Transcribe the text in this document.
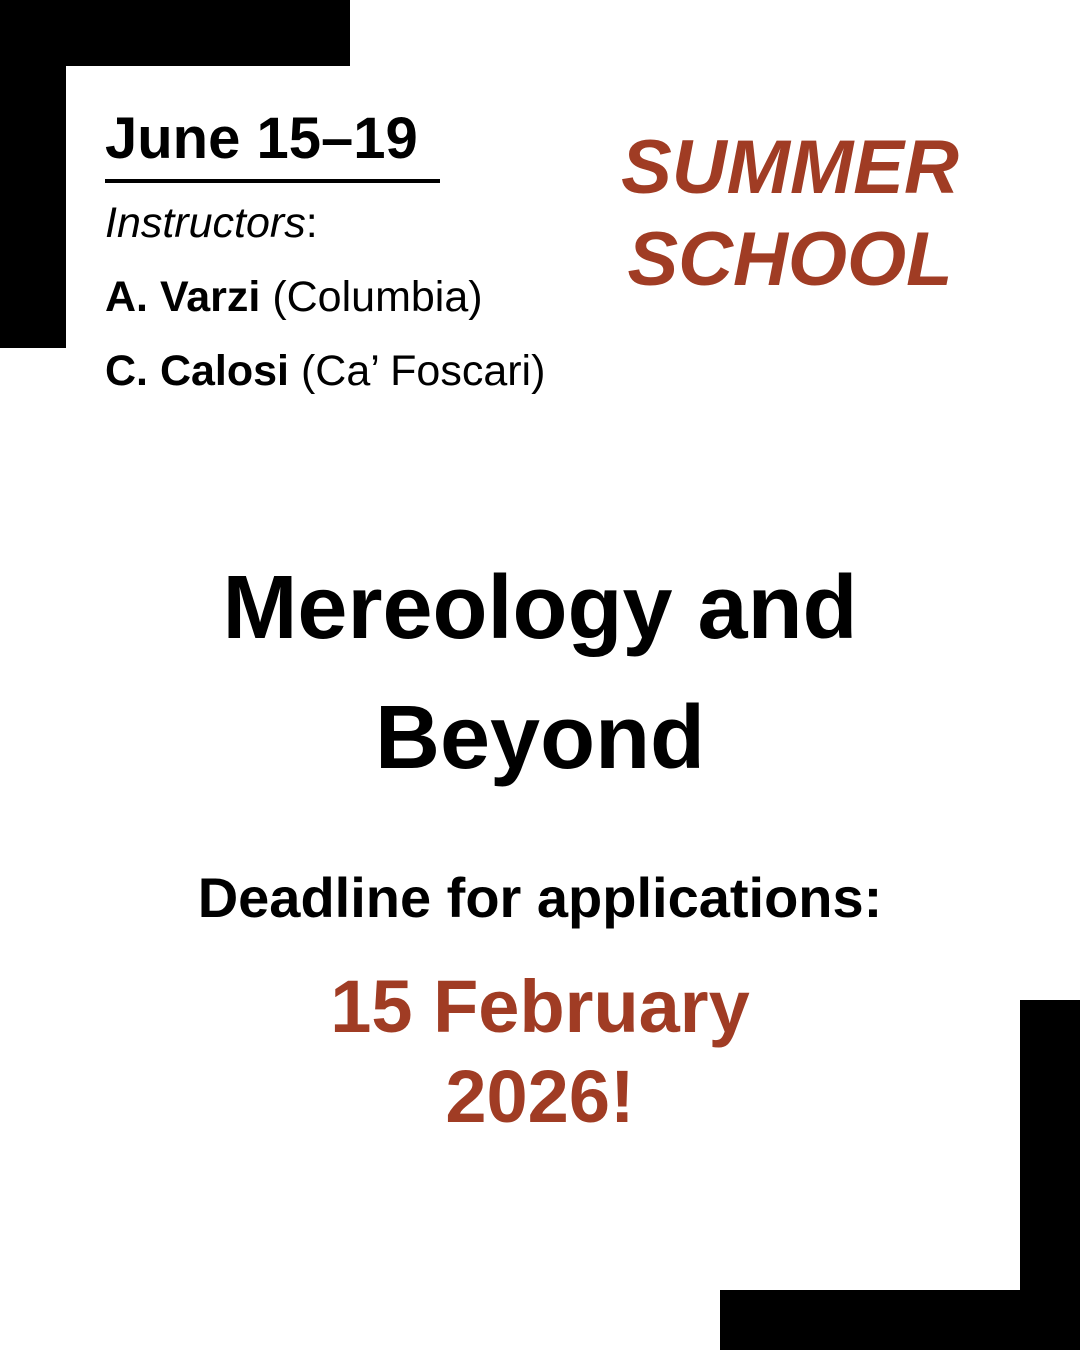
June 15–19
Instructors:
A. Varzi (Columbia)
C. Calosi (Ca’ Foscari)
SUMMER
SCHOOL
Mereology and
Beyond
Deadline for applications:
15 February
2026!
